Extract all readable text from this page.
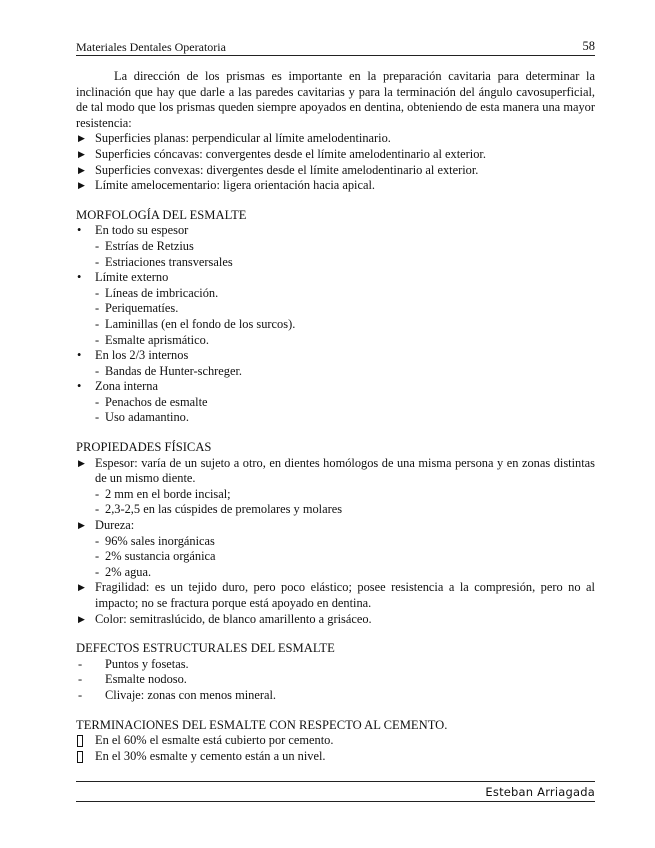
Materiales Dentales Operatoria	58

La dirección de los prismas es importante en la preparación cavitaria para determinar la inclinación que hay que darle a las paredes cavitarias y para la terminación del ángulo cavosuperficial, de tal modo que los prismas queden siempre apoyados en dentina, obteniendo de esta manera una mayor resistencia:

▶ Superficies planas: perpendicular al límite amelodentinario.
▶ Superficies cóncavas: convergentes desde el límite amelodentinario al exterior.
▶ Superficies convexas: divergentes desde el límite amelodentinario al exterior.
▶ Límite amelocementario: ligera orientación hacia apical.

MORFOLOGÍA DEL ESMALTE

• En todo su espesor
- Estrías de Retzius
- Estriaciones transversales
• Límite externo
- Líneas de imbricación.
- Periquematíes.
- Laminillas (en el fondo de los surcos).
- Esmalte aprismático.
• En los 2/3 internos
- Bandas de Hunter-schreger.
• Zona interna
- Penachos de esmalte
- Uso adamantino.

PROPIEDADES FÍSICAS

▶ Espesor: varía de un sujeto a otro, en dientes homólogos de una misma persona y en zonas distintas de un mismo diente.
- 2 mm en el borde incisal;
- 2,3-2,5 en las cúspides de premolares y molares
▶ Dureza:
- 96% sales inorgánicas
- 2% sustancia orgánica
- 2% agua.
▶ Fragilidad: es un tejido duro, pero poco elástico; posee resistencia a la compresión, pero no al impacto; no se fractura porque está apoyado en dentina.
▶ Color: semitraslúcido, de blanco amarillento a grisáceo.

DEFECTOS ESTRUCTURALES DEL ESMALTE

- Puntos y fosetas.
- Esmalte nodoso.
- Clivaje: zonas con menos mineral.

TERMINACIONES DEL ESMALTE CON RESPECTO AL CEMENTO.

En el 60% el esmalte está cubierto por cemento.
En el 30% esmalte y cemento están a un nivel.
Esteban Arriagada
